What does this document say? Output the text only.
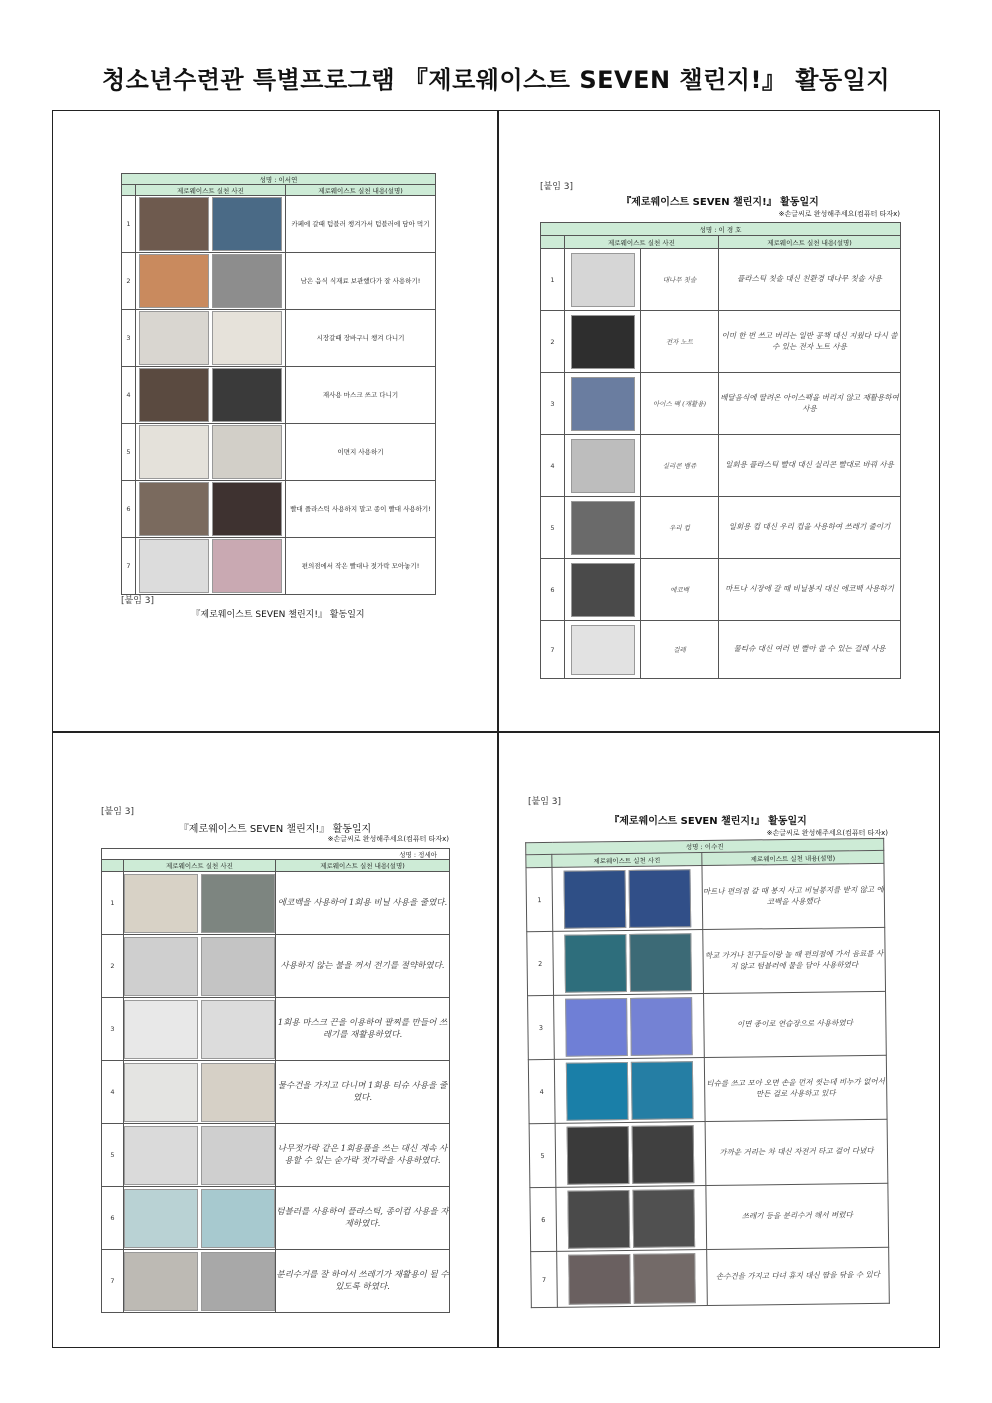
청소년수련관 특별프로그램 『제로웨이스트 SEVEN 챌린지!』 활동일지
성명 : 이서연		
	제로웨이스트 실천 사진	제로웨이스트 실천 내용(설명)
1		카페에 갈때 텀블러 챙겨가서 텀블러에 담아 먹기
2		남은 음식 식재료 보관했다가 잘 사용하기!
3		시장갈때 장바구니 챙겨 다니기
4		재사용 마스크 쓰고 다니기
5		이면지 사용하기
6		빨대 플라스틱 사용하지 말고 종이 빨대 사용하기!
7		편의점에서 작은 빨대나 젓가락 모아놓기!
[붙임 3]
『제로웨이스트 SEVEN 챌린지!』 활동일지
[붙임 3]
『제로웨이스트 SEVEN 챌린지!』 활동일지
※손글씨로 완성해주세요(컴퓨터 타자x)
성명 : 이 경 호			
	제로웨이스트 실천 사진		제로웨이스트 실천 내용(설명)
1		대나무 칫솔	플라스틱 칫솔 대신 친환경 대나무 칫솔 사용
2		전자 노트	이미 한 번 쓰고 버리는 일반 공책 대신 지웠다 다시 쓸 수 있는 전자 노트 사용
3		아이스 팩 (재활용)	배달음식에 딸려온 아이스팩을 버리지 않고 재활용하여 사용
4		실리콘 뱀쥬	일회용 플라스틱 빨대 대신 실리콘 빨대로 바꿔 사용
5		우리 컵	일회용 컵 대신 우리 컵을 사용하여 쓰레기 줄이기
6		에코백	마트나 시장에 갈 때 비닐봉지 대신 에코백 사용하기
7		걸레	물티슈 대신 여러 번 빨아 쓸 수 있는 걸레 사용
[붙임 3]
『제로웨이스트 SEVEN 챌린지!』 활동일지
※손글씨로 완성해주세요(컴퓨터 타자x)
성명 : 정세아		
	제로웨이스트 실천 사진	제로웨이스트 실천 내용(설명)
1		에코백을 사용하여 1회용 비닐 사용을 줄였다.
2		사용하지 않는 불을 꺼서 전기를 절약하였다.
3		1회용 마스크 끈을 이용하여 팔찌를 만들어 쓰레기를 재활용하였다.
4		물수건을 가지고 다니며 1회용 티슈 사용을 줄였다.
5		나무젓가락 같은 1회용품을 쓰는 대신 계속 사용할 수 있는 숟가락 젓가락을 사용하였다.
6		텀블러를 사용하여 플라스틱, 종이컵 사용을 자제하였다.
7		분리수거를 잘 하여서 쓰레기가 재활용이 될 수 있도록 하였다.
[붙임 3]
『제로웨이스트 SEVEN 챌린지!』 활동일지
※손글씨로 완성해주세요(컴퓨터 타자x)
성명 : 이수진		
	제로웨이스트 실천 사진	제로웨이스트 실천 내용(설명)
1		마트나 편의점 갈 때 봉지 사고 비닐봉지를 받지 않고 에코백을 사용했다
2		학교 가거나 친구들이랑 놀 때 편의점에 가서 음료를 사지 않고 텀블러에 물을 담아 사용하였다
3		이면 종이로 연습장으로 사용하였다
4		티슈를 쓰고 모아 오면 손을 먼저 씻는데 비누가 없어서 만든 걸로 사용하고 있다
5		가까운 거리는 차 대신 자전거 타고 걸어 다녔다
6		쓰레기 등을 분리수거 해서 버렸다
7		손수건을 가지고 다녀 휴지 대신 땀을 닦을 수 있다
